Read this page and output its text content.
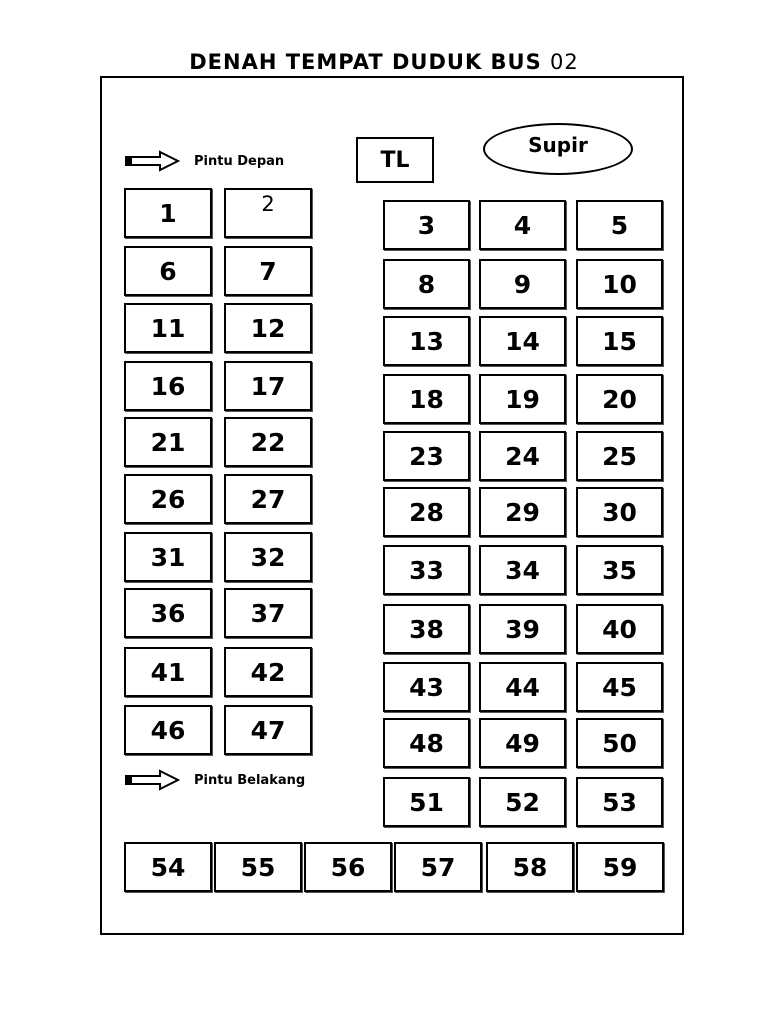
DENAH TEMPAT DUDUK BUS 02
Pintu Depan
Pintu Belakang
TL
Supir
1	2
3	4	5
6	7	8	9	10
11	12	13	14	15
16	17	18	19	20
21	22	23	24	25
26	27	28	29	30
31	32	33	34	35
36	37
38	39	40
41	42
43	44	45
46	47	48	49	50
51	52	53
54	55	56	57	58	59
